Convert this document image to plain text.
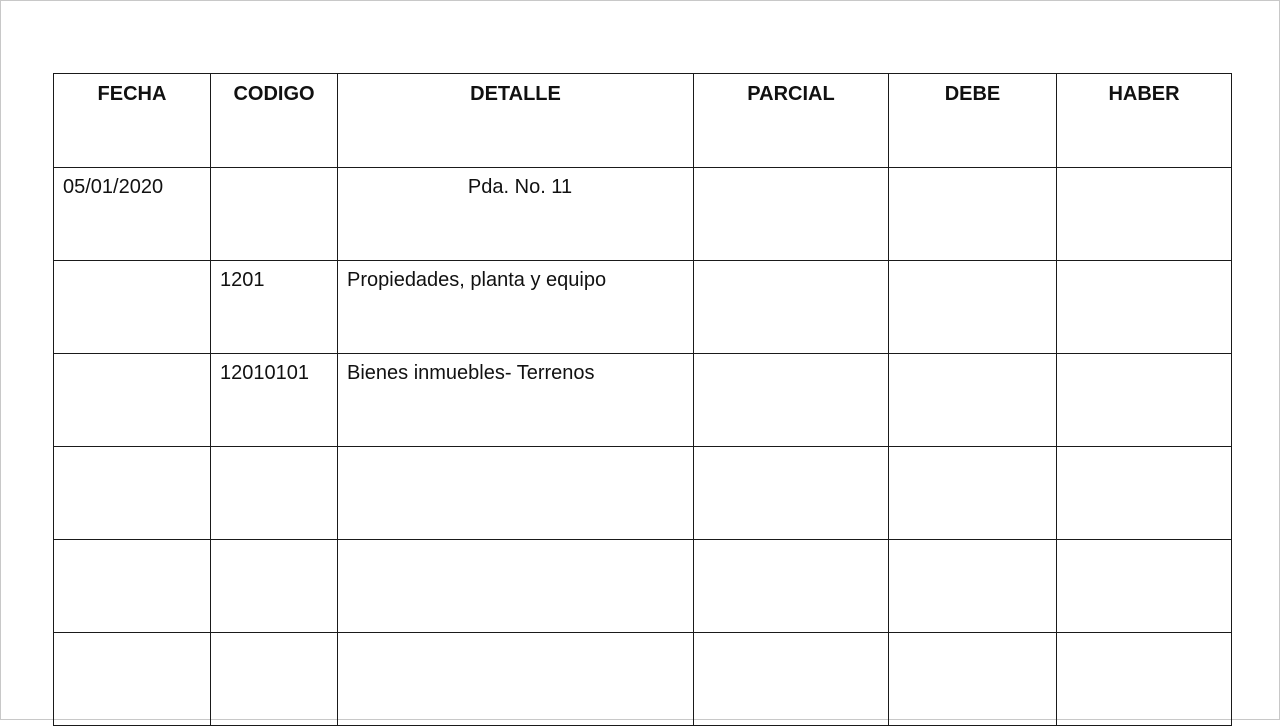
FECHA	CODIGO	DETALLE	PARCIAL	DEBE	HABER
05/01/2020		Pda. No. 11			
	1201	Propiedades, planta y equipo			
	12010101	Bienes inmuebles- Terrenos			
